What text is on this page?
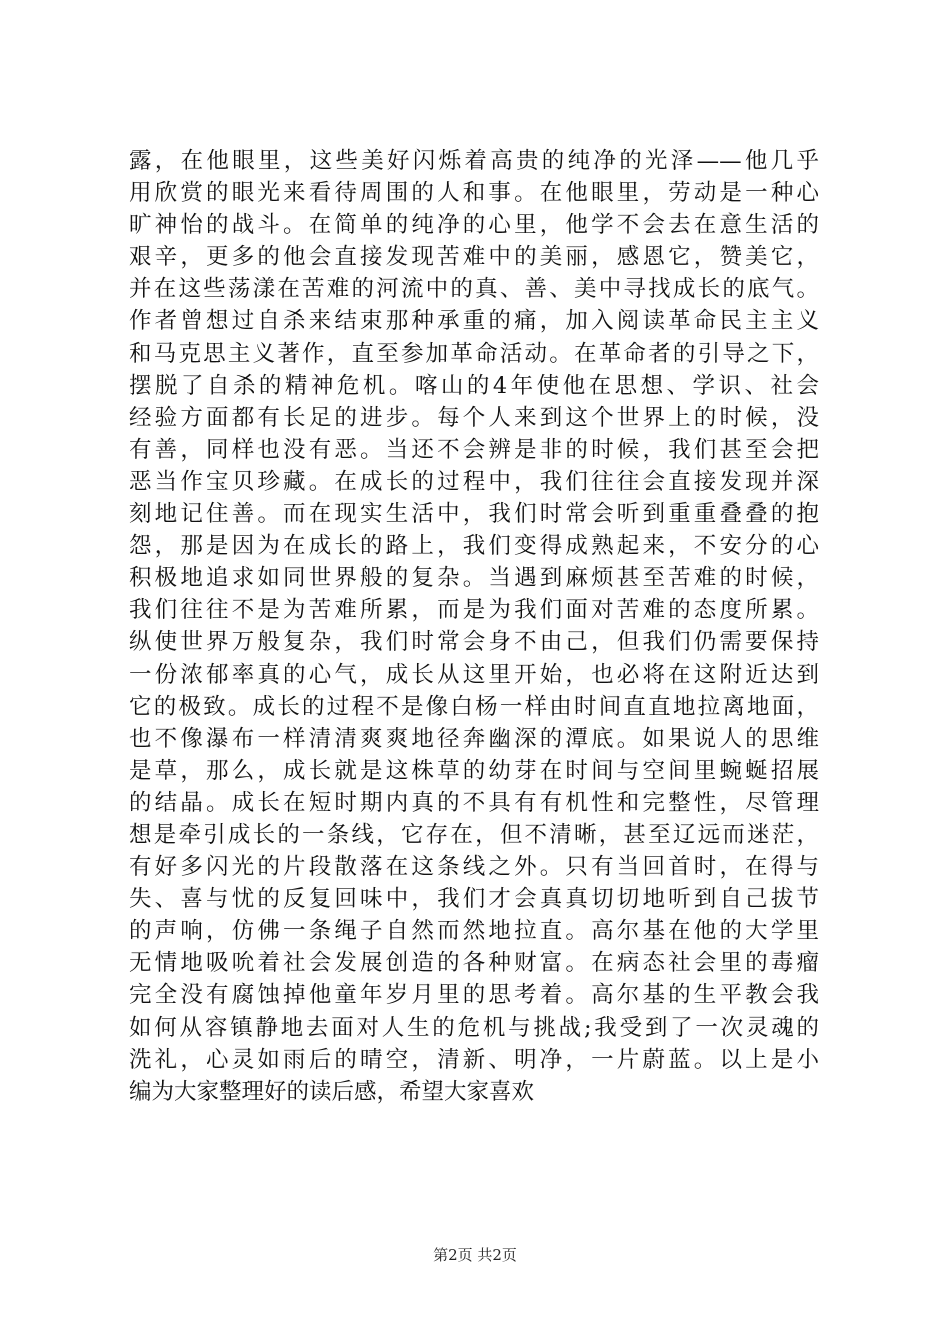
露，在他眼里，这些美好闪烁着高贵的纯净的光泽——他几乎
用欣赏的眼光来看待周围的人和事。在他眼里，劳动是一种心
旷神怡的战斗。在简单的纯净的心里，他学不会去在意生活的
艰辛，更多的他会直接发现苦难中的美丽，感恩它，赞美它，
并在这些荡漾在苦难的河流中的真、善、美中寻找成长的底气。
作者曾想过自杀来结束那种承重的痛，加入阅读革命民主主义
和马克思主义著作，直至参加革命活动。在革命者的引导之下，
摆脱了自杀的精神危机。喀山的4年使他在思想、学识、社会
经验方面都有长足的进步。每个人来到这个世界上的时候，没
有善，同样也没有恶。当还不会辨是非的时候，我们甚至会把
恶当作宝贝珍藏。在成长的过程中，我们往往会直接发现并深
刻地记住善。而在现实生活中，我们时常会听到重重叠叠的抱
怨，那是因为在成长的路上，我们变得成熟起来，不安分的心
积极地追求如同世界般的复杂。当遇到麻烦甚至苦难的时候，
我们往往不是为苦难所累，而是为我们面对苦难的态度所累。
纵使世界万般复杂，我们时常会身不由己，但我们仍需要保持
一份浓郁率真的心气，成长从这里开始，也必将在这附近达到
它的极致。成长的过程不是像白杨一样由时间直直地拉离地面，
也不像瀑布一样清清爽爽地径奔幽深的潭底。如果说人的思维
是草，那么，成长就是这株草的幼芽在时间与空间里蜿蜒招展
的结晶。成长在短时期内真的不具有有机性和完整性，尽管理
想是牵引成长的一条线，它存在，但不清晰，甚至辽远而迷茫，
有好多闪光的片段散落在这条线之外。只有当回首时，在得与
失、喜与忧的反复回味中，我们才会真真切切地听到自己拔节
的声响，仿佛一条绳子自然而然地拉直。高尔基在他的大学里
无情地吸吮着社会发展创造的各种财富。在病态社会里的毒瘤
完全没有腐蚀掉他童年岁月里的思考着。高尔基的生平教会我
如何从容镇静地去面对人生的危机与挑战;我受到了一次灵魂的
洗礼，心灵如雨后的晴空，清新、明净，一片蔚蓝。以上是小
编为大家整理好的读后感，希望大家喜欢
第2页 共2页
